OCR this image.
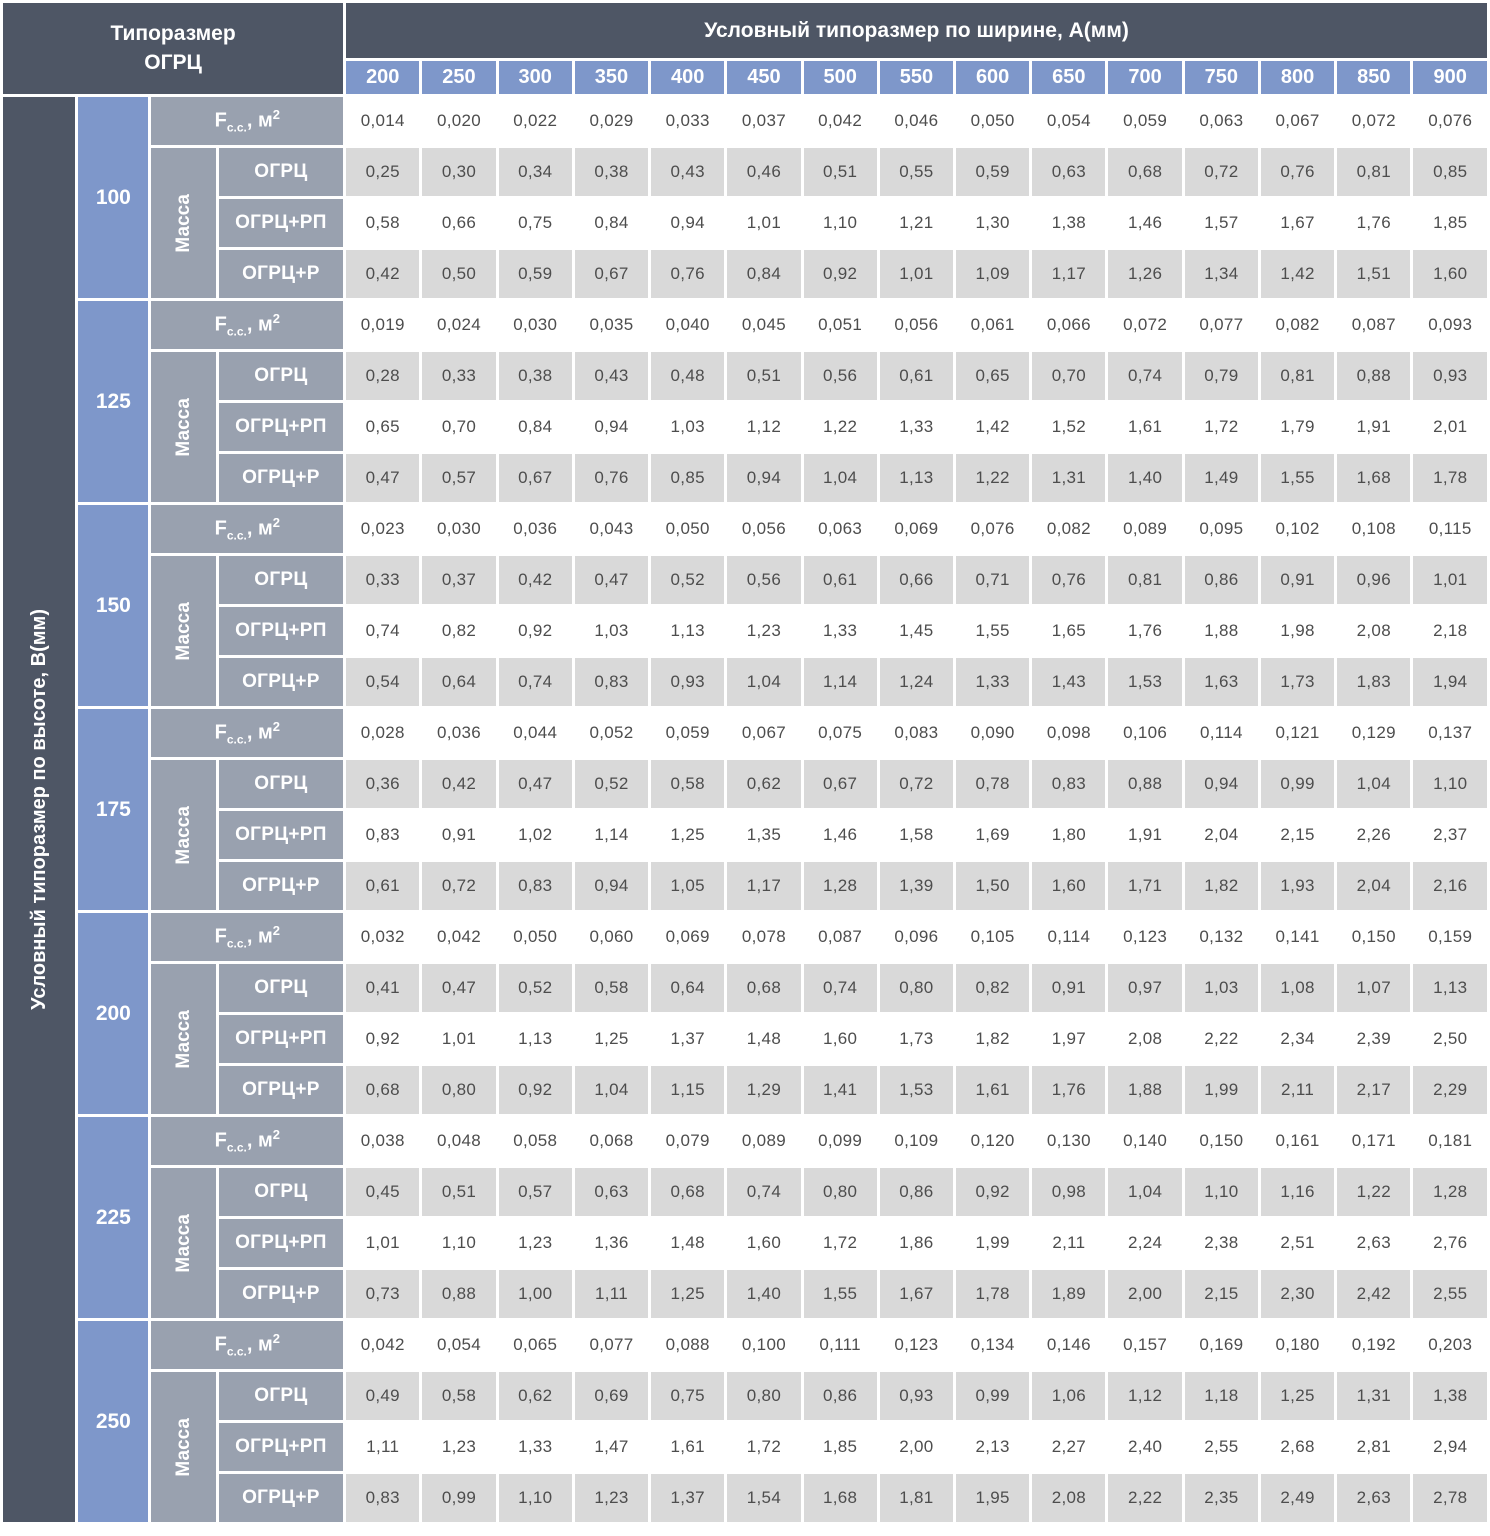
Типоразмер
ОГРЦ				Условный типоразмер по ширине, А(мм)														
				200	250	300	350	400	450	500	550	600	650	700	750	800	850	900

Условный типоразмер по высоте, В(мм)	100	$F_{с.с.}$, $м^2$		0,014	0,020	0,022	0,029	0,033	0,037	0,042	0,046	0,050	0,054	0,059	0,063	0,067	0,072	0,076

		Масса	ОГРЦ	0,25	0,30	0,34	0,38	0,43	0,46	0,51	0,55	0,59	0,63	0,68	0,72	0,76	0,81	0,85
			ОГРЦ+РП	0,58	0,66	0,75	0,84	0,94	1,01	1,10	1,21	1,30	1,38	1,46	1,57	1,67	1,76	1,85
			ОГРЦ+Р	0,42	0,50	0,59	0,67	0,76	0,84	0,92	1,01	1,09	1,17	1,26	1,34	1,42	1,51	1,60
	125	$F_{с.с.}$, $м^2$		0,019	0,024	0,030	0,035	0,040	0,045	0,051	0,056	0,061	0,066	0,072	0,077	0,082	0,087	0,093

		Масса	ОГРЦ	0,28	0,33	0,38	0,43	0,48	0,51	0,56	0,61	0,65	0,70	0,74	0,79	0,81	0,88	0,93
			ОГРЦ+РП	0,65	0,70	0,84	0,94	1,03	1,12	1,22	1,33	1,42	1,52	1,61	1,72	1,79	1,91	2,01
			ОГРЦ+Р	0,47	0,57	0,67	0,76	0,85	0,94	1,04	1,13	1,22	1,31	1,40	1,49	1,55	1,68	1,78
	150	$F_{с.с.}$, $м^2$		0,023	0,030	0,036	0,043	0,050	0,056	0,063	0,069	0,076	0,082	0,089	0,095	0,102	0,108	0,115

		Масса	ОГРЦ	0,33	0,37	0,42	0,47	0,52	0,56	0,61	0,66	0,71	0,76	0,81	0,86	0,91	0,96	1,01
			ОГРЦ+РП	0,74	0,82	0,92	1,03	1,13	1,23	1,33	1,45	1,55	1,65	1,76	1,88	1,98	2,08	2,18
			ОГРЦ+Р	0,54	0,64	0,74	0,83	0,93	1,04	1,14	1,24	1,33	1,43	1,53	1,63	1,73	1,83	1,94
	175	$F_{с.с.}$, $м^2$		0,028	0,036	0,044	0,052	0,059	0,067	0,075	0,083	0,090	0,098	0,106	0,114	0,121	0,129	0,137

		Масса	ОГРЦ	0,36	0,42	0,47	0,52	0,58	0,62	0,67	0,72	0,78	0,83	0,88	0,94	0,99	1,04	1,10
			ОГРЦ+РП	0,83	0,91	1,02	1,14	1,25	1,35	1,46	1,58	1,69	1,80	1,91	2,04	2,15	2,26	2,37
			ОГРЦ+Р	0,61	0,72	0,83	0,94	1,05	1,17	1,28	1,39	1,50	1,60	1,71	1,82	1,93	2,04	2,16
	200	$F_{с.с.}$, $м^2$		0,032	0,042	0,050	0,060	0,069	0,078	0,087	0,096	0,105	0,114	0,123	0,132	0,141	0,150	0,159

		Масса	ОГРЦ	0,41	0,47	0,52	0,58	0,64	0,68	0,74	0,80	0,82	0,91	0,97	1,03	1,08	1,07	1,13
			ОГРЦ+РП	0,92	1,01	1,13	1,25	1,37	1,48	1,60	1,73	1,82	1,97	2,08	2,22	2,34	2,39	2,50
			ОГРЦ+Р	0,68	0,80	0,92	1,04	1,15	1,29	1,41	1,53	1,61	1,76	1,88	1,99	2,11	2,17	2,29
	225	$F_{с.с.}$, $м^2$		0,038	0,048	0,058	0,068	0,079	0,089	0,099	0,109	0,120	0,130	0,140	0,150	0,161	0,171	0,181

		Масса	ОГРЦ	0,45	0,51	0,57	0,63	0,68	0,74	0,80	0,86	0,92	0,98	1,04	1,10	1,16	1,22	1,28
			ОГРЦ+РП	1,01	1,10	1,23	1,36	1,48	1,60	1,72	1,86	1,99	2,11	2,24	2,38	2,51	2,63	2,76
			ОГРЦ+Р	0,73	0,88	1,00	1,11	1,25	1,40	1,55	1,67	1,78	1,89	2,00	2,15	2,30	2,42	2,55
	250	$F_{с.с.}$, $м^2$		0,042	0,054	0,065	0,077	0,088	0,100	0,111	0,123	0,134	0,146	0,157	0,169	0,180	0,192	0,203

		Масса	ОГРЦ	0,49	0,58	0,62	0,69	0,75	0,80	0,86	0,93	0,99	1,06	1,12	1,18	1,25	1,31	1,38
			ОГРЦ+РП	1,11	1,23	1,33	1,47	1,61	1,72	1,85	2,00	2,13	2,27	2,40	2,55	2,68	2,81	2,94
			ОГРЦ+Р	0,83	0,99	1,10	1,23	1,37	1,54	1,68	1,81	1,95	2,08	2,22	2,35	2,49	2,63	2,78
